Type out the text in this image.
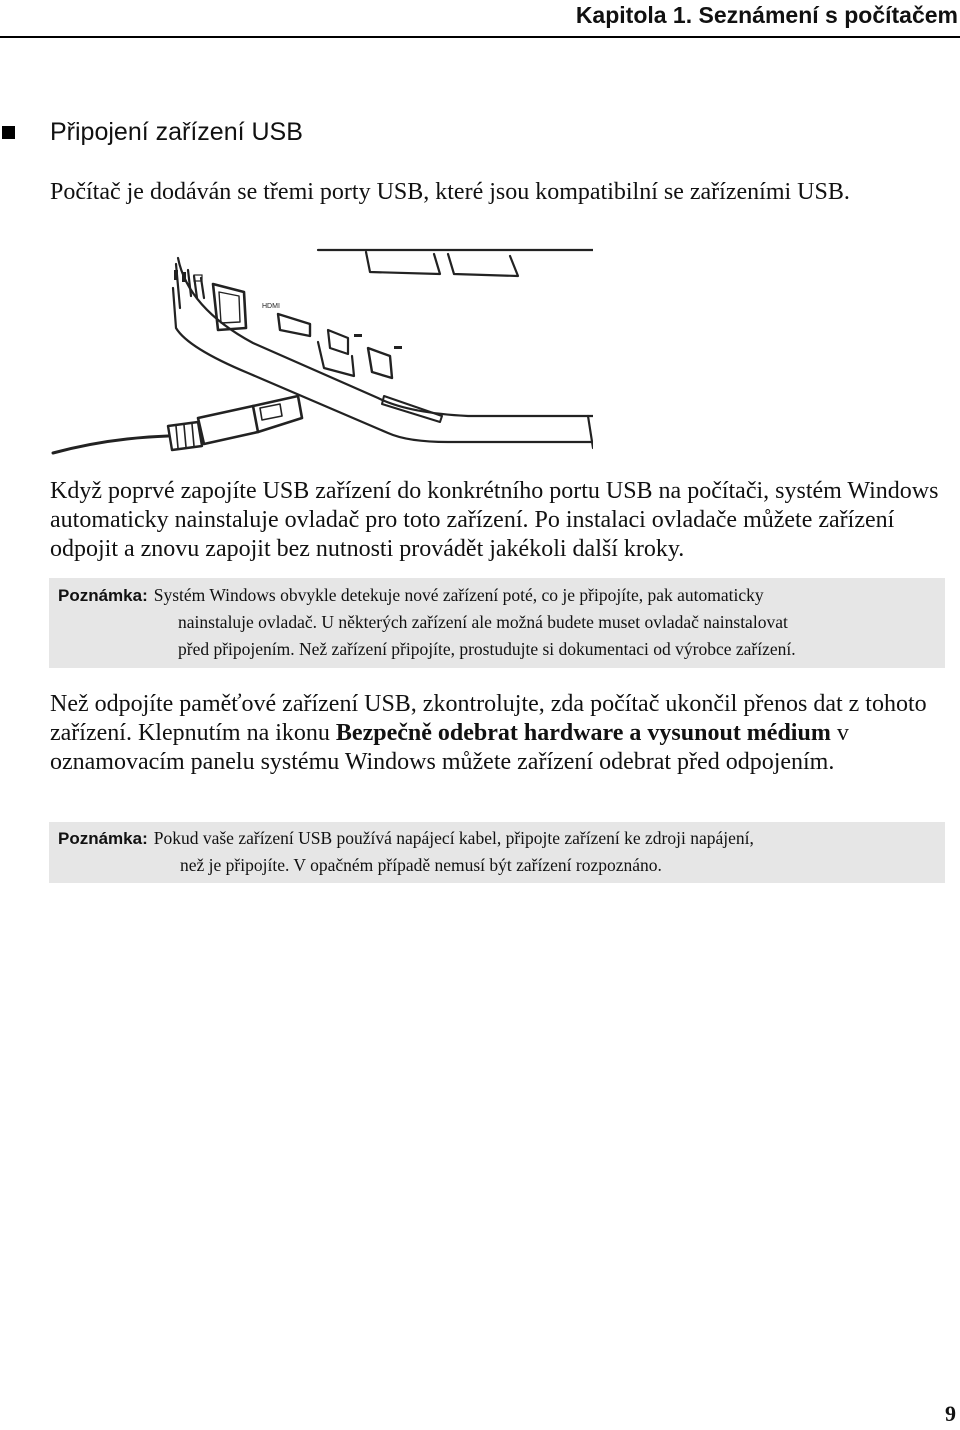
Kapitola 1. Seznámení s počítačem
Připojení zařízení USB

Počítač je dodáván se třemi porty USB, které jsou kompatibilní se zařízeními USB.

HDMI

Když poprvé zapojíte USB zařízení do konkrétního portu USB na počítači, systém Windows automaticky nainstaluje ovladač pro toto zařízení. Po instalaci ovladače můžete zařízení odpojit a znovu zapojit bez nutnosti provádět jakékoli další kroky.

Poznámka: Systém Windows obvykle detekuje nové zařízení poté, co je připojíte, pak automaticky
nainstaluje ovladač. U některých zařízení ale možná budete muset ovladač nainstalovat
před připojením. Než zařízení připojíte, prostudujte si dokumentaci od výrobce zařízení.

Než odpojíte paměťové zařízení USB, zkontrolujte, zda počítač ukončil přenos dat z tohoto zařízení. Klepnutím na ikonu Bezpečně odebrat hardware a vysunout médium v oznamovacím panelu systému Windows můžete zařízení odebrat před odpojením.

Poznámka: Pokud vaše zařízení USB používá napájecí kabel, připojte zařízení ke zdroji napájení,
než je připojíte. V opačném případě nemusí být zařízení rozpoznáno.
9
